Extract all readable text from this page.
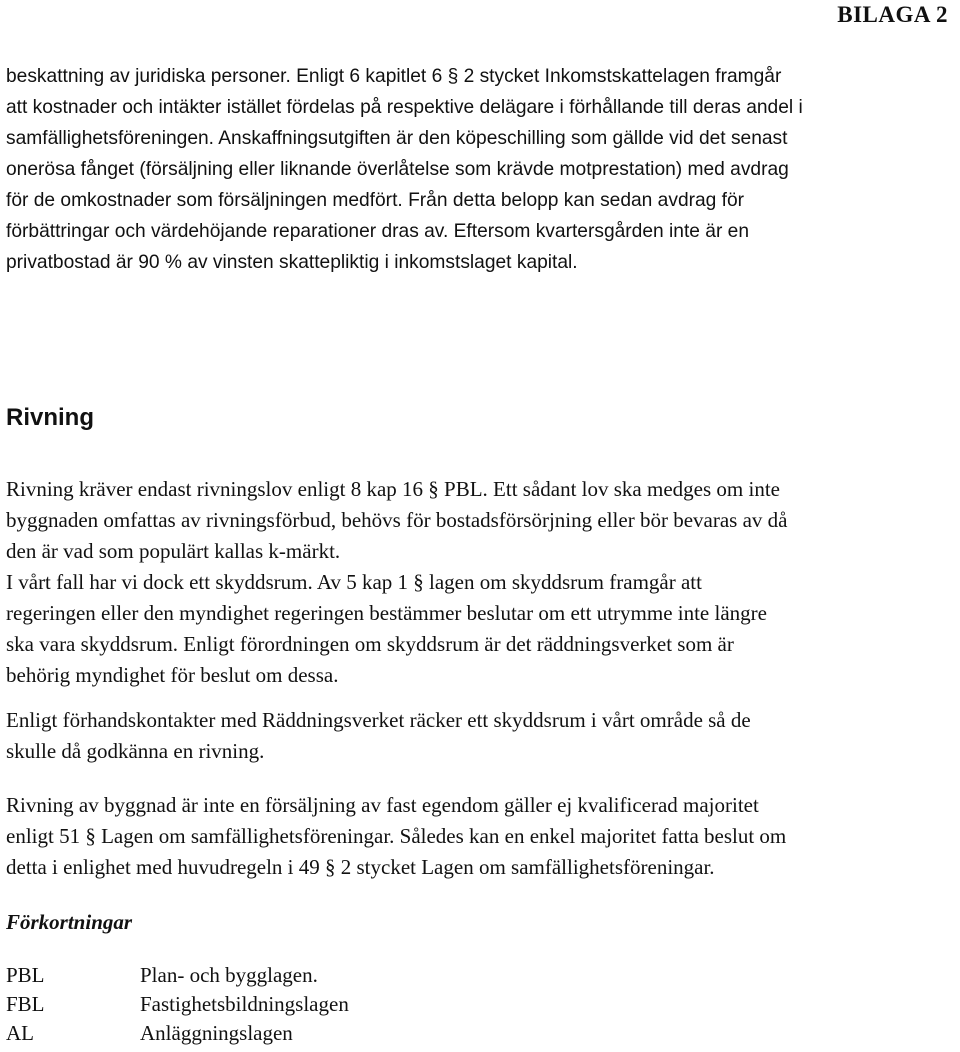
BILAGA 2

beskattning av juridiska personer. Enligt 6 kapitlet 6 § 2 stycket Inkomstskattelagen framgår
att kostnader och intäkter istället fördelas på respektive delägare i förhållande till deras andel i
samfällighetsföreningen. Anskaffningsutgiften är den köpeschilling som gällde vid det senast
onerösa fånget (försäljning eller liknande överlåtelse som krävde motprestation) med avdrag
för de omkostnader som försäljningen medfört. Från detta belopp kan sedan avdrag för
förbättringar och värdehöjande reparationer dras av. Eftersom kvartersgården inte är en
privatbostad är 90 % av vinsten skattepliktig i inkomstslaget kapital.

Rivning

Rivning kräver endast rivningslov enligt 8 kap 16 § PBL. Ett sådant lov ska medges om inte
byggnaden omfattas av rivningsförbud, behövs för bostadsförsörjning eller bör bevaras av då
den är vad som populärt kallas k-märkt.
I vårt fall har vi dock ett skyddsrum. Av 5 kap 1 § lagen om skyddsrum framgår att
regeringen eller den myndighet regeringen bestämmer beslutar om ett utrymme inte längre
ska vara skyddsrum. Enligt förordningen om skyddsrum är det räddningsverket som är
behörig myndighet för beslut om dessa.

Enligt förhandskontakter med Räddningsverket räcker ett skyddsrum i vårt område så de
skulle då godkänna en rivning.

Rivning av byggnad är inte en försäljning av fast egendom gäller ej kvalificerad majoritet
enligt 51 § Lagen om samfällighetsföreningar. Således kan en enkel majoritet fatta beslut om
detta i enlighet med huvudregeln i 49 § 2 stycket Lagen om samfällighetsföreningar.

Förkortningar
PBL	Plan- och bygglagen.
FBL	Fastighetsbildningslagen
AL	Anläggningslagen
